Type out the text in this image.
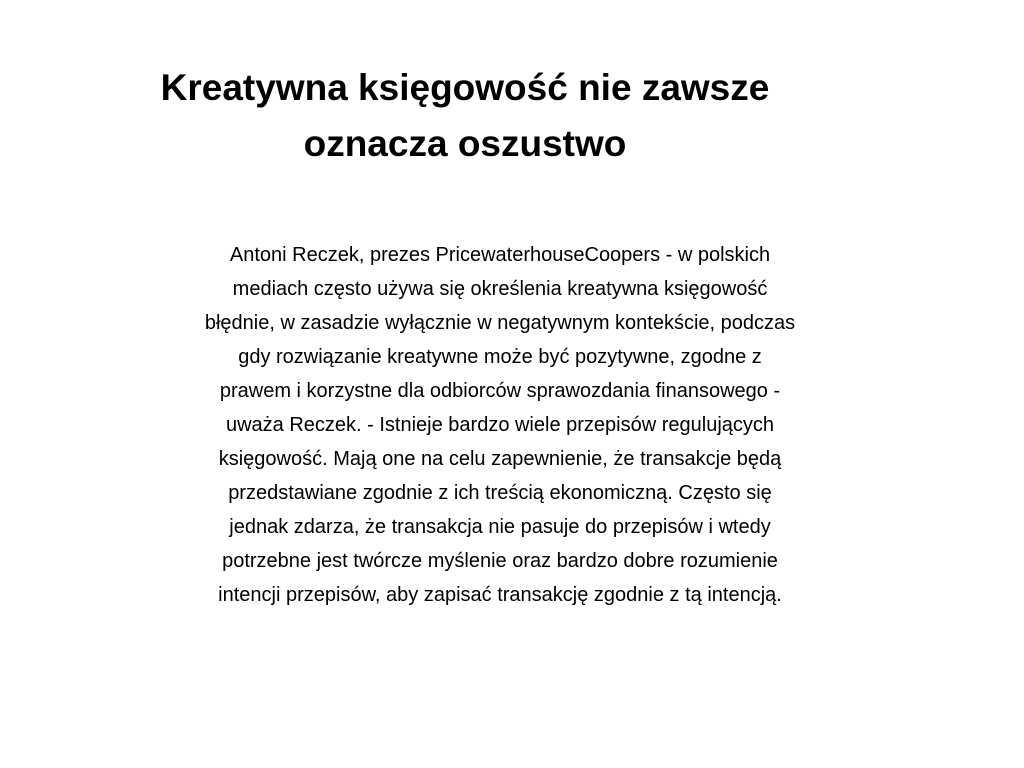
Kreatywna księgowość nie zawsze
oznacza oszustwo
Antoni Reczek, prezes PricewaterhouseCoopers - w polskich
mediach często używa się określenia kreatywna księgowość
błędnie, w zasadzie wyłącznie w negatywnym kontekście, podczas
gdy rozwiązanie kreatywne może być pozytywne, zgodne z
prawem i korzystne dla odbiorców sprawozdania finansowego -
uważa Reczek. - Istnieje bardzo wiele przepisów regulujących
księgowość. Mają one na celu zapewnienie, że transakcje będą
przedstawiane zgodnie z ich treścią ekonomiczną. Często się
jednak zdarza, że transakcja nie pasuje do przepisów i wtedy
potrzebne jest twórcze myślenie oraz bardzo dobre rozumienie
intencji przepisów, aby zapisać transakcję zgodnie z tą intencją.
